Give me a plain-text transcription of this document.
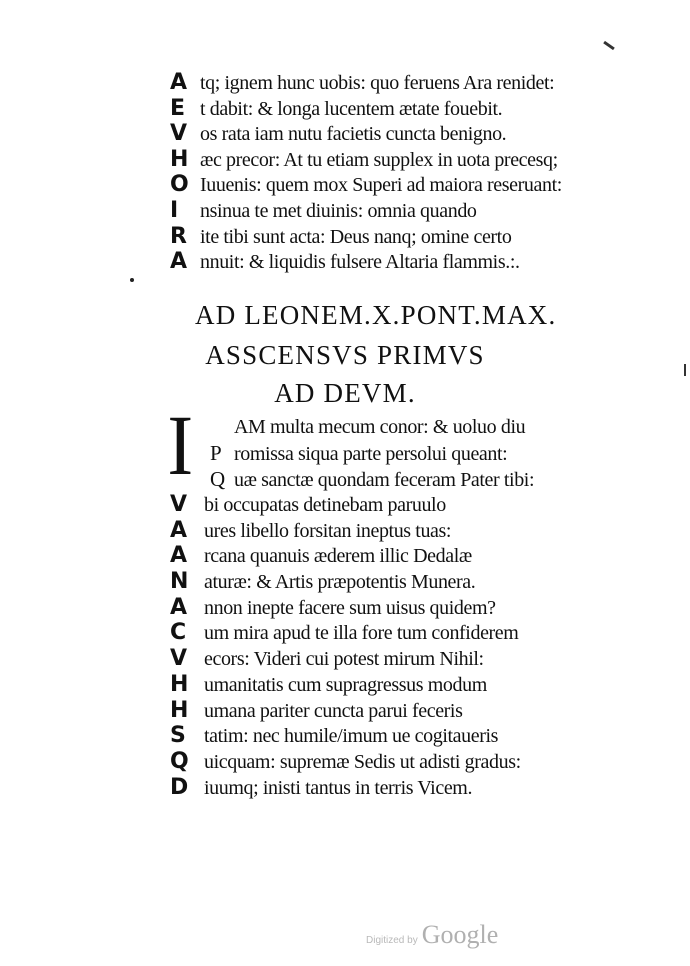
A tq; ignem hunc uobis: quo feruens Ara renidet:
E t dabit: & longa lucentem ætate fouebit.
V os rata iam nutu facietis cuncta benigno.
H æc precor: At tu etiam supplex in uota precesq;
O Iuuenis: quem mox Superi ad maiora reseruant:
I	nsinua te met diuinis: omnia quando
R ite tibi sunt acta: Deus nanq; omine certo
A nnuit: & liquidis fulsere Altaria flammis.:.
AD LEONEM.X.PONT.MAX.
ASSCENSVS PRIMVS
AD DEVM.
I AM multa mecum conor: & uoluo diu
P romissa siqua parte persolui queant:
Q uæ sanctæ quondam feceram Pater tibi:
V bi occupatas detinebam paruulo
A ures libello forsitan ineptus tuas:
A rcana quanuis æderem illic Dedalæ
N aturæ: & Artis præpotentis Munera.
A nnon inepte facere sum uisus quidem?
C um mira apud te illa fore tum confiderem
V ecors: Videri cui potest mirum Nihil:
H umanitatis cum supragressus modum
H umana pariter cuncta parui feceris
S tatim: nec humile/imum ue cogitaueris
Q uicquam: supremæ Sedis ut adisti gradus:
D iuumq; inisti tantus in terris Vicem.
Digitized by Google
